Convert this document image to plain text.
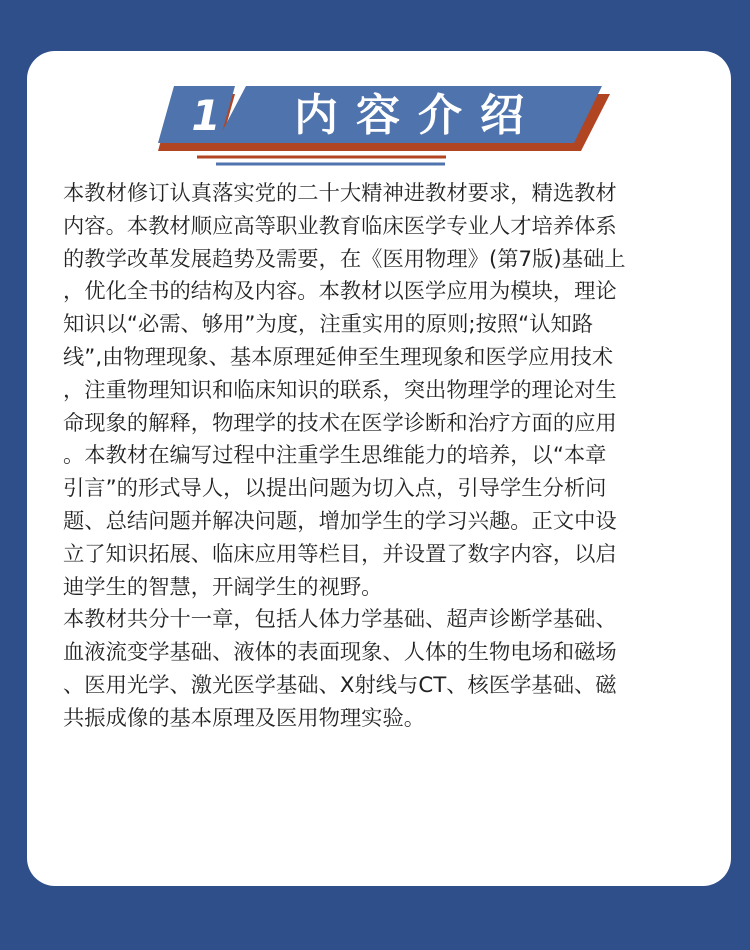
1	内容介绍
本教材修订认真落实党的二十大精神进教材要求，精选教材
内容。本教材顺应高等职业教育临床医学专业人才培养体系
的教学改革发展趋势及需要，在《医用物理》(第7版)基础上
，优化全书的结构及内容。本教材以医学应用为模块，理论
知识以“必需、够用”为度，注重实用的原则;按照“认知路
线”,由物理现象、基本原理延伸至生理现象和医学应用技术
，注重物理知识和临床知识的联系，突出物理学的理论对生
命现象的解释，物理学的技术在医学诊断和治疗方面的应用
。本教材在编写过程中注重学生思维能力的培养，以“本章
引言”的形式导人，以提出问题为切入点，引导学生分析问
题、总结问题并解决问题，增加学生的学习兴趣。正文中设
立了知识拓展、临床应用等栏目，并设置了数字内容，以启
迪学生的智慧，开阔学生的视野。
本教材共分十一章，包括人体力学基础、超声诊断学基础、
血液流变学基础、液体的表面现象、人体的生物电场和磁场
、医用光学、激光医学基础、X射线与CT、核医学基础、磁
共振成像的基本原理及医用物理实验。
